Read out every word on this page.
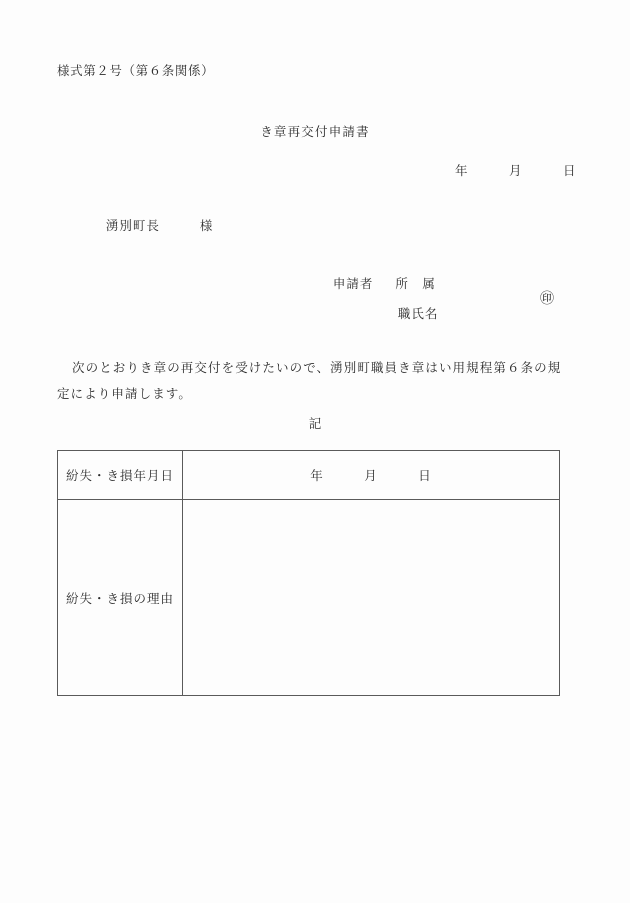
様式第２号（第６条関係）
き章再交付申請書
年　　　月　　　日

湧別町長	様

申請者 所　属

職氏名

㊞
次のとおりき章の再交付を受けたいので、湧別町職員き章はい用規程第６条の規定により申請します。
記
紛失・き損年月日	年　　　月　　　日
紛失・き損の理由	
